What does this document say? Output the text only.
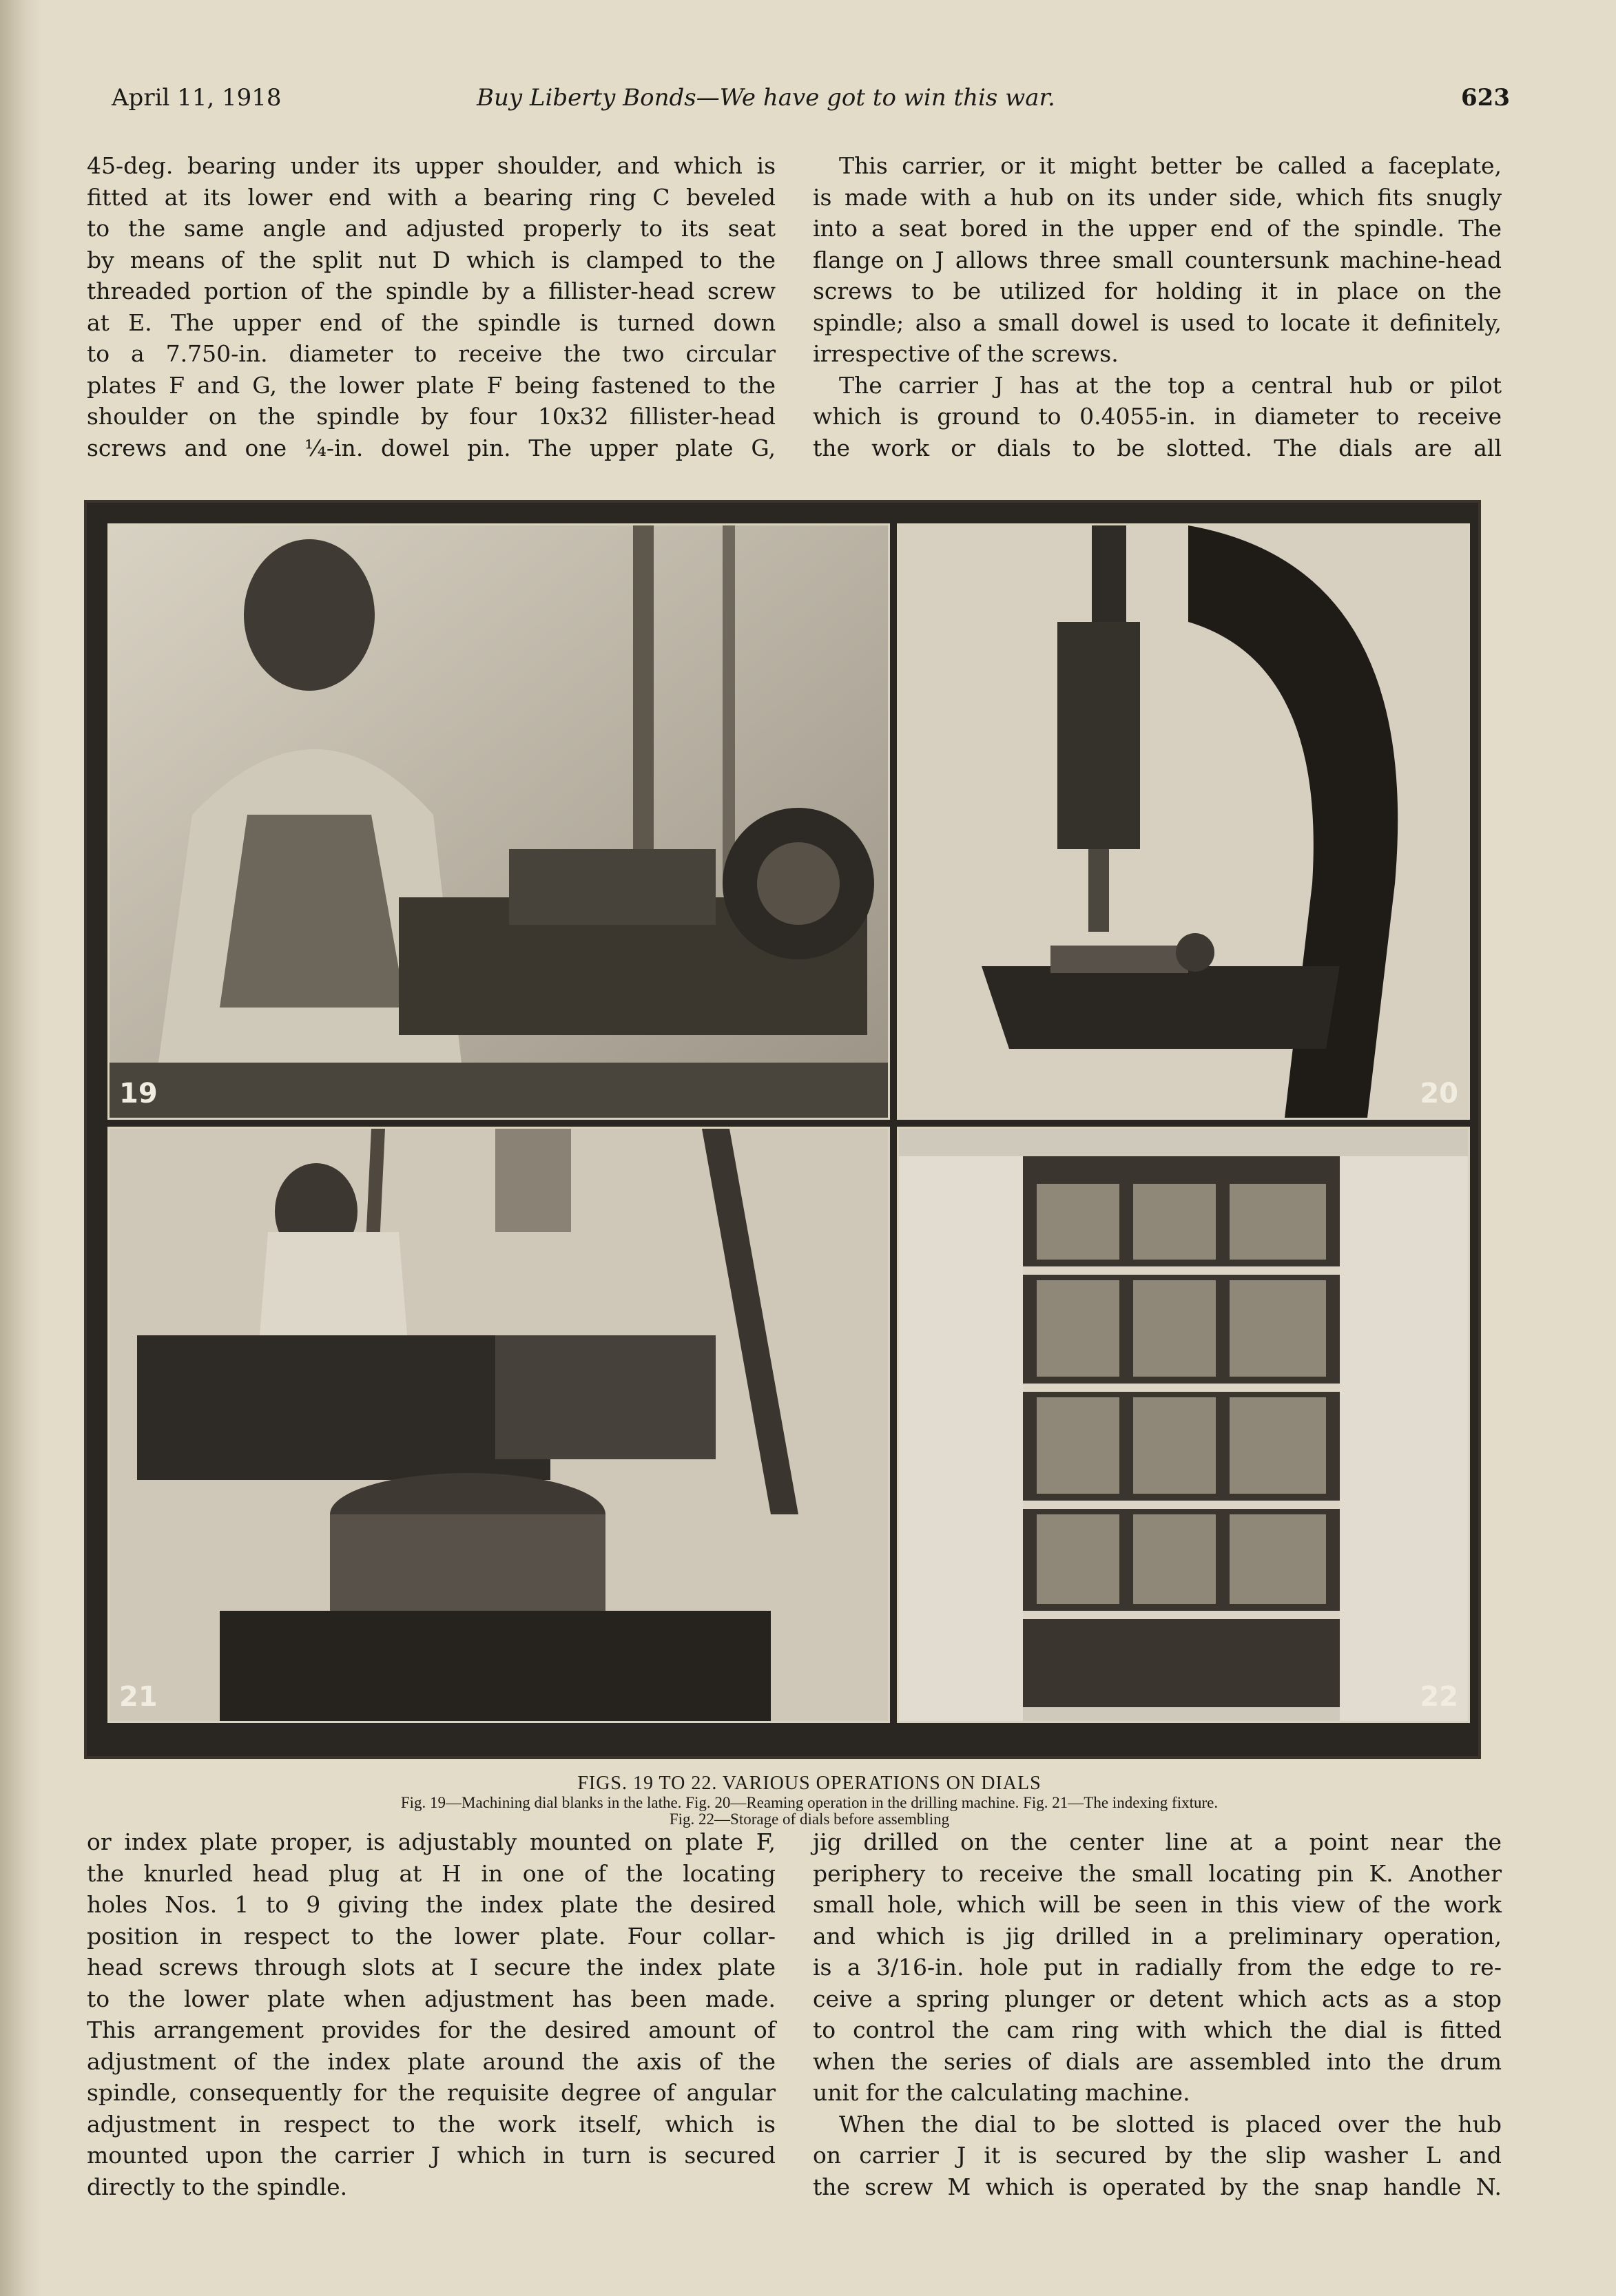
April 11, 1918	Buy Liberty Bonds—We have got to win this war.	623

45-deg. bearing under its upper shoulder, and which is
fitted at its lower end with a bearing ring C beveled
to the same angle and adjusted properly to its seat
by means of the split nut D which is clamped to the
threaded portion of the spindle by a fillister-head screw
at E. The upper end of the spindle is turned down
to a 7.750-in. diameter to receive the two circular
plates F and G, the lower plate F being fastened to the
shoulder on the spindle by four 10x32 fillister-head
screws and one ¼-in. dowel pin. The upper plate G,

This carrier, or it might better be called a faceplate,
is made with a hub on its under side, which fits snugly
into a seat bored in the upper end of the spindle. The
flange on J allows three small countersunk machine-head
screws to be utilized for holding it in place on the
spindle; also a small dowel is used to locate it definitely,
irrespective of the screws.

The carrier J has at the top a central hub or pilot
which is ground to 0.4055-in. in diameter to receive
the work or dials to be slotted. The dials are all

19	20
21	22
FIGS. 19 TO 22. VARIOUS OPERATIONS ON DIALS
Fig. 19—Machining dial blanks in the lathe. Fig. 20—Reaming operation in the drilling machine. Fig. 21—The indexing fixture.
Fig. 22—Storage of dials before assembling

or index plate proper, is adjustably mounted on plate F,
the knurled head plug at H in one of the locating
holes Nos. 1 to 9 giving the index plate the desired
position in respect to the lower plate. Four collar-
head screws through slots at I secure the index plate
to the lower plate when adjustment has been made.
This arrangement provides for the desired amount of
adjustment of the index plate around the axis of the
spindle, consequently for the requisite degree of angular
adjustment in respect to the work itself, which is
mounted upon the carrier J which in turn is secured
directly to the spindle.

jig drilled on the center line at a point near the
periphery to receive the small locating pin K. Another
small hole, which will be seen in this view of the work
and which is jig drilled in a preliminary operation,
is a 3/16-in. hole put in radially from the edge to re-
ceive a spring plunger or detent which acts as a stop
to control the cam ring with which the dial is fitted
when the series of dials are assembled into the drum
unit for the calculating machine.

When the dial to be slotted is placed over the hub
on carrier J it is secured by the slip washer L and
the screw M which is operated by the snap handle N.
